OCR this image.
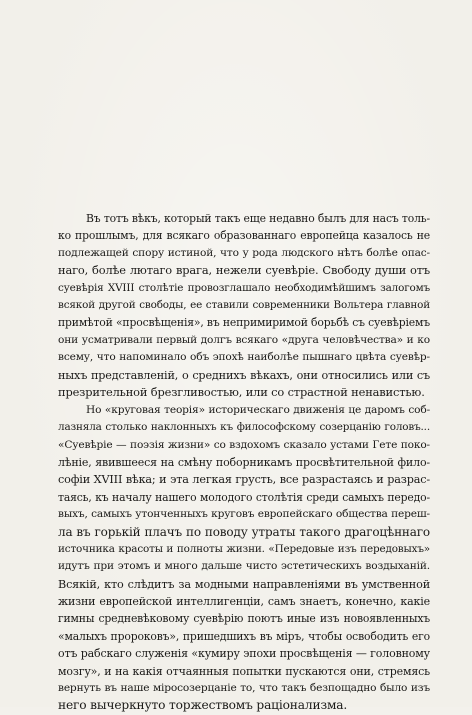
Въ тотъ вѣкъ, который такъ еще недавно былъ для насъ толь-
ко прошлымъ, для всякаго образованнаго европейца казалось не
подлежащей спору истиной, что у рода людского нѣтъ болѣе опас-
наго, болѣе лютаго врага, нежели суевѣріе. Свободу души отъ
суевѣрія XVIII столѣтіе провозглашало необходимѣйшимъ залогомъ
всякой другой свободы, ее ставили современники Вольтера главной
примѣтой «просвѣщенія», въ непримиримой борьбѣ съ суевѣріемъ
они усматривали первый долгъ всякаго «друга человѣчества» и ко
всему, что напоминало объ эпохѣ наиболѣе пышнаго цвѣта суевѣр-
ныхъ представленій, о среднихъ вѣкахъ, они относились или съ
презрительной брезгливостью, или со страстной ненавистью.
Но «круговая теорія» историческаго движенія це даромъ соб-
лазняла столько наклонныхъ къ философскому созерцанію головъ...
«Суевѣріе — поэзія жизни» со вздохомъ сказало устами Гете поко-
лѣніе, явившееся на смѣну поборникамъ просвѣтительной фило-
софіи XVIII вѣка; и эта легкая грусть, все разрастаясь и разрас-
таясь, къ началу нашего молодого столѣтія среди самыхъ передо-
выхъ, самыхъ утонченныхъ круговъ европейскаго общества переш-
ла въ горькій плачъ по поводу утраты такого драгоцѣннаго
источника красоты и полноты жизни. «Передовые изъ передовыхъ»
идутъ при этомъ и много дальше чисто эстетическихъ воздыханій.
Всякій, кто слѣдитъ за модными направленіями въ умственной
жизни европейской интеллигенціи, самъ знаетъ, конечно, какіе
гимны средневѣковому суевѣрію поютъ иные изъ новоявленныхъ
«малыхъ пророковъ», пришедшихъ въ міръ, чтобы освободить его
отъ рабскаго служенія «кумиру эпохи просвѣщенія — головному
мозгу», и на какія отчаянныя попытки пускаются они, стремясь
вернуть въ наше міросозерцаніе то, что такъ безпощадно было изъ
него вычеркнуто торжествомъ раціонализма.
